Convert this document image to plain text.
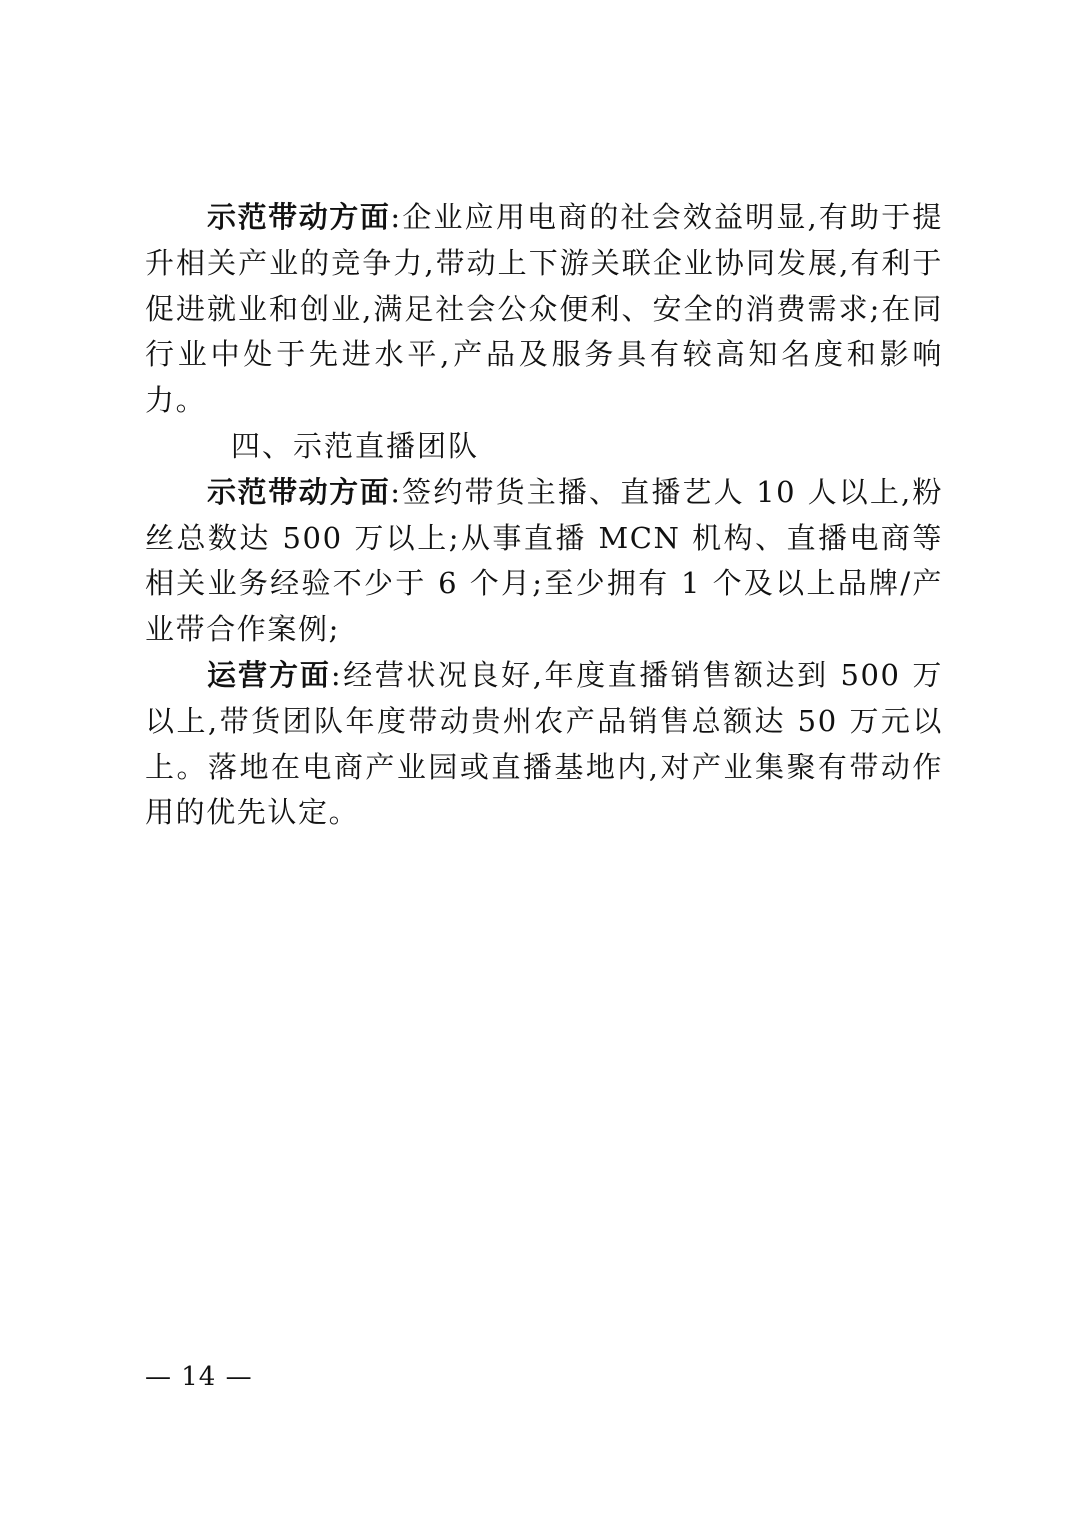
示范带动方面:企业应用电商的社会效益明显,有助于提升相关产业的竞争力,带动上下游关联企业协同发展,有利于促进就业和创业,满足社会公众便利、安全的消费需求;在同行业中处于先进水平,产品及服务具有较高知名度和影响力。

四、示范直播团队

示范带动方面:签约带货主播、直播艺人 10 人以上,粉丝总数达 500 万以上;从事直播 MCN 机构、直播电商等相关业务经验不少于 6 个月;至少拥有 1 个及以上品牌/产业带合作案例;

运营方面:经营状况良好,年度直播销售额达到 500 万以上,带货团队年度带动贵州农产品销售总额达 50 万元以上。落地在电商产业园或直播基地内,对产业集聚有带动作用的优先认定。

— 14 —
